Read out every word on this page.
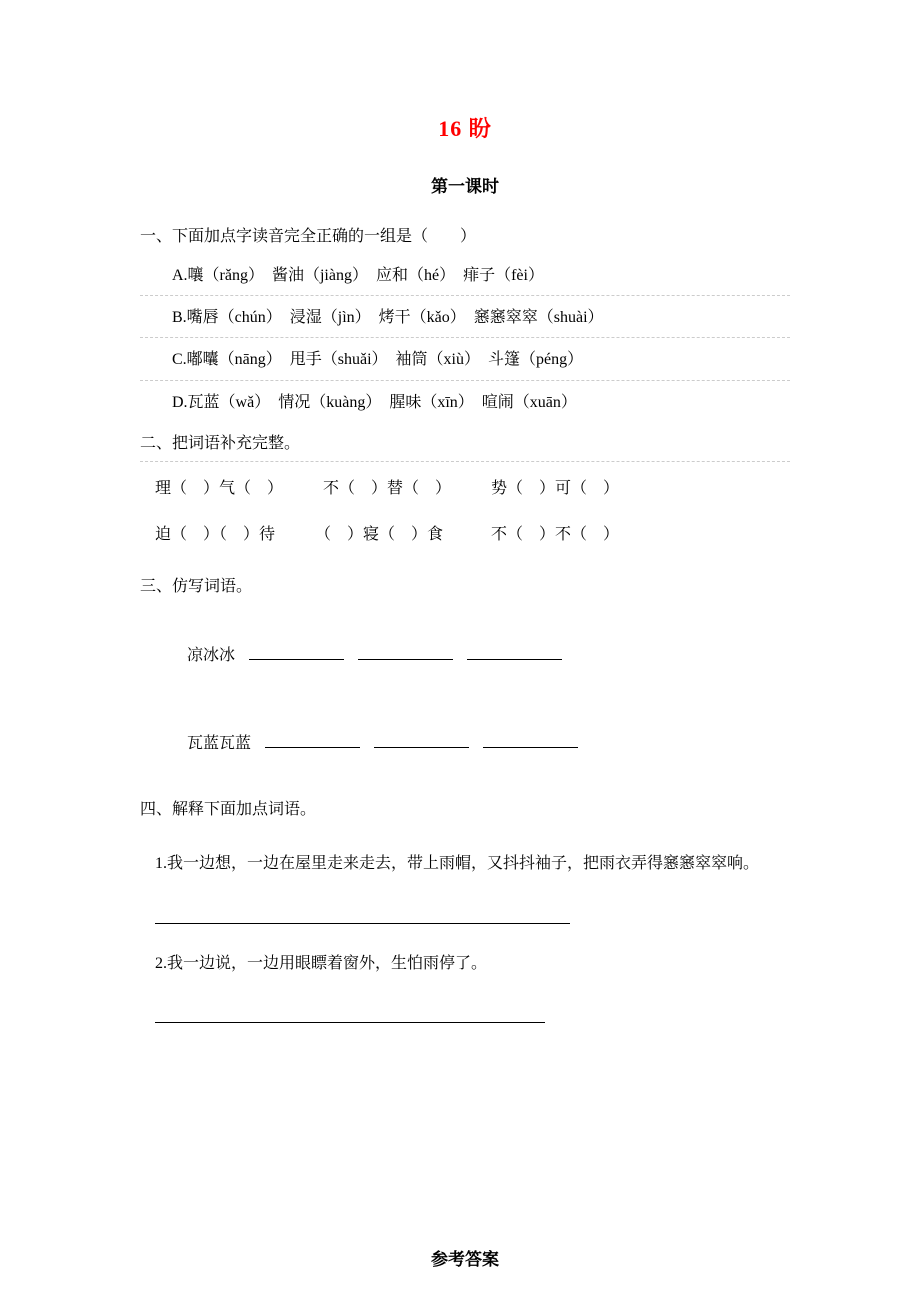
16 盼
第一课时
一、下面加点字读音完全正确的一组是（　　）
A.嚷（rǎng）　酱油（jiàng）　应和（hé）　痱子（fèi）
B.嘴唇（chún）　浸湿（jìn）　烤干（kǎo）　窸窸窣窣（shuài）
C.嘟囔（nāng）　甩手（shuǎi）　袖筒（xiù）　斗篷（péng）
D.瓦蓝（wǎ）　情况（kuàng）　腥味（xīn）　喧闹（xuān）
二、把词语补充完整。
理（　）气（　）　　　不（　）替（　）　　　势（　）可（　）
迫（　）（　）待　　　（　）寝（　）食　　　不（　）不（　）
三、仿写词语。

凉冰冰

瓦蓝瓦蓝

四、解释下面加点词语。
1.我一边想，一边在屋里走来走去，带上雨帽，又抖抖袖子，把雨衣弄得窸窸窣窣响。
2.我一边说，一边用眼瞟着窗外，生怕雨停了。
参考答案
